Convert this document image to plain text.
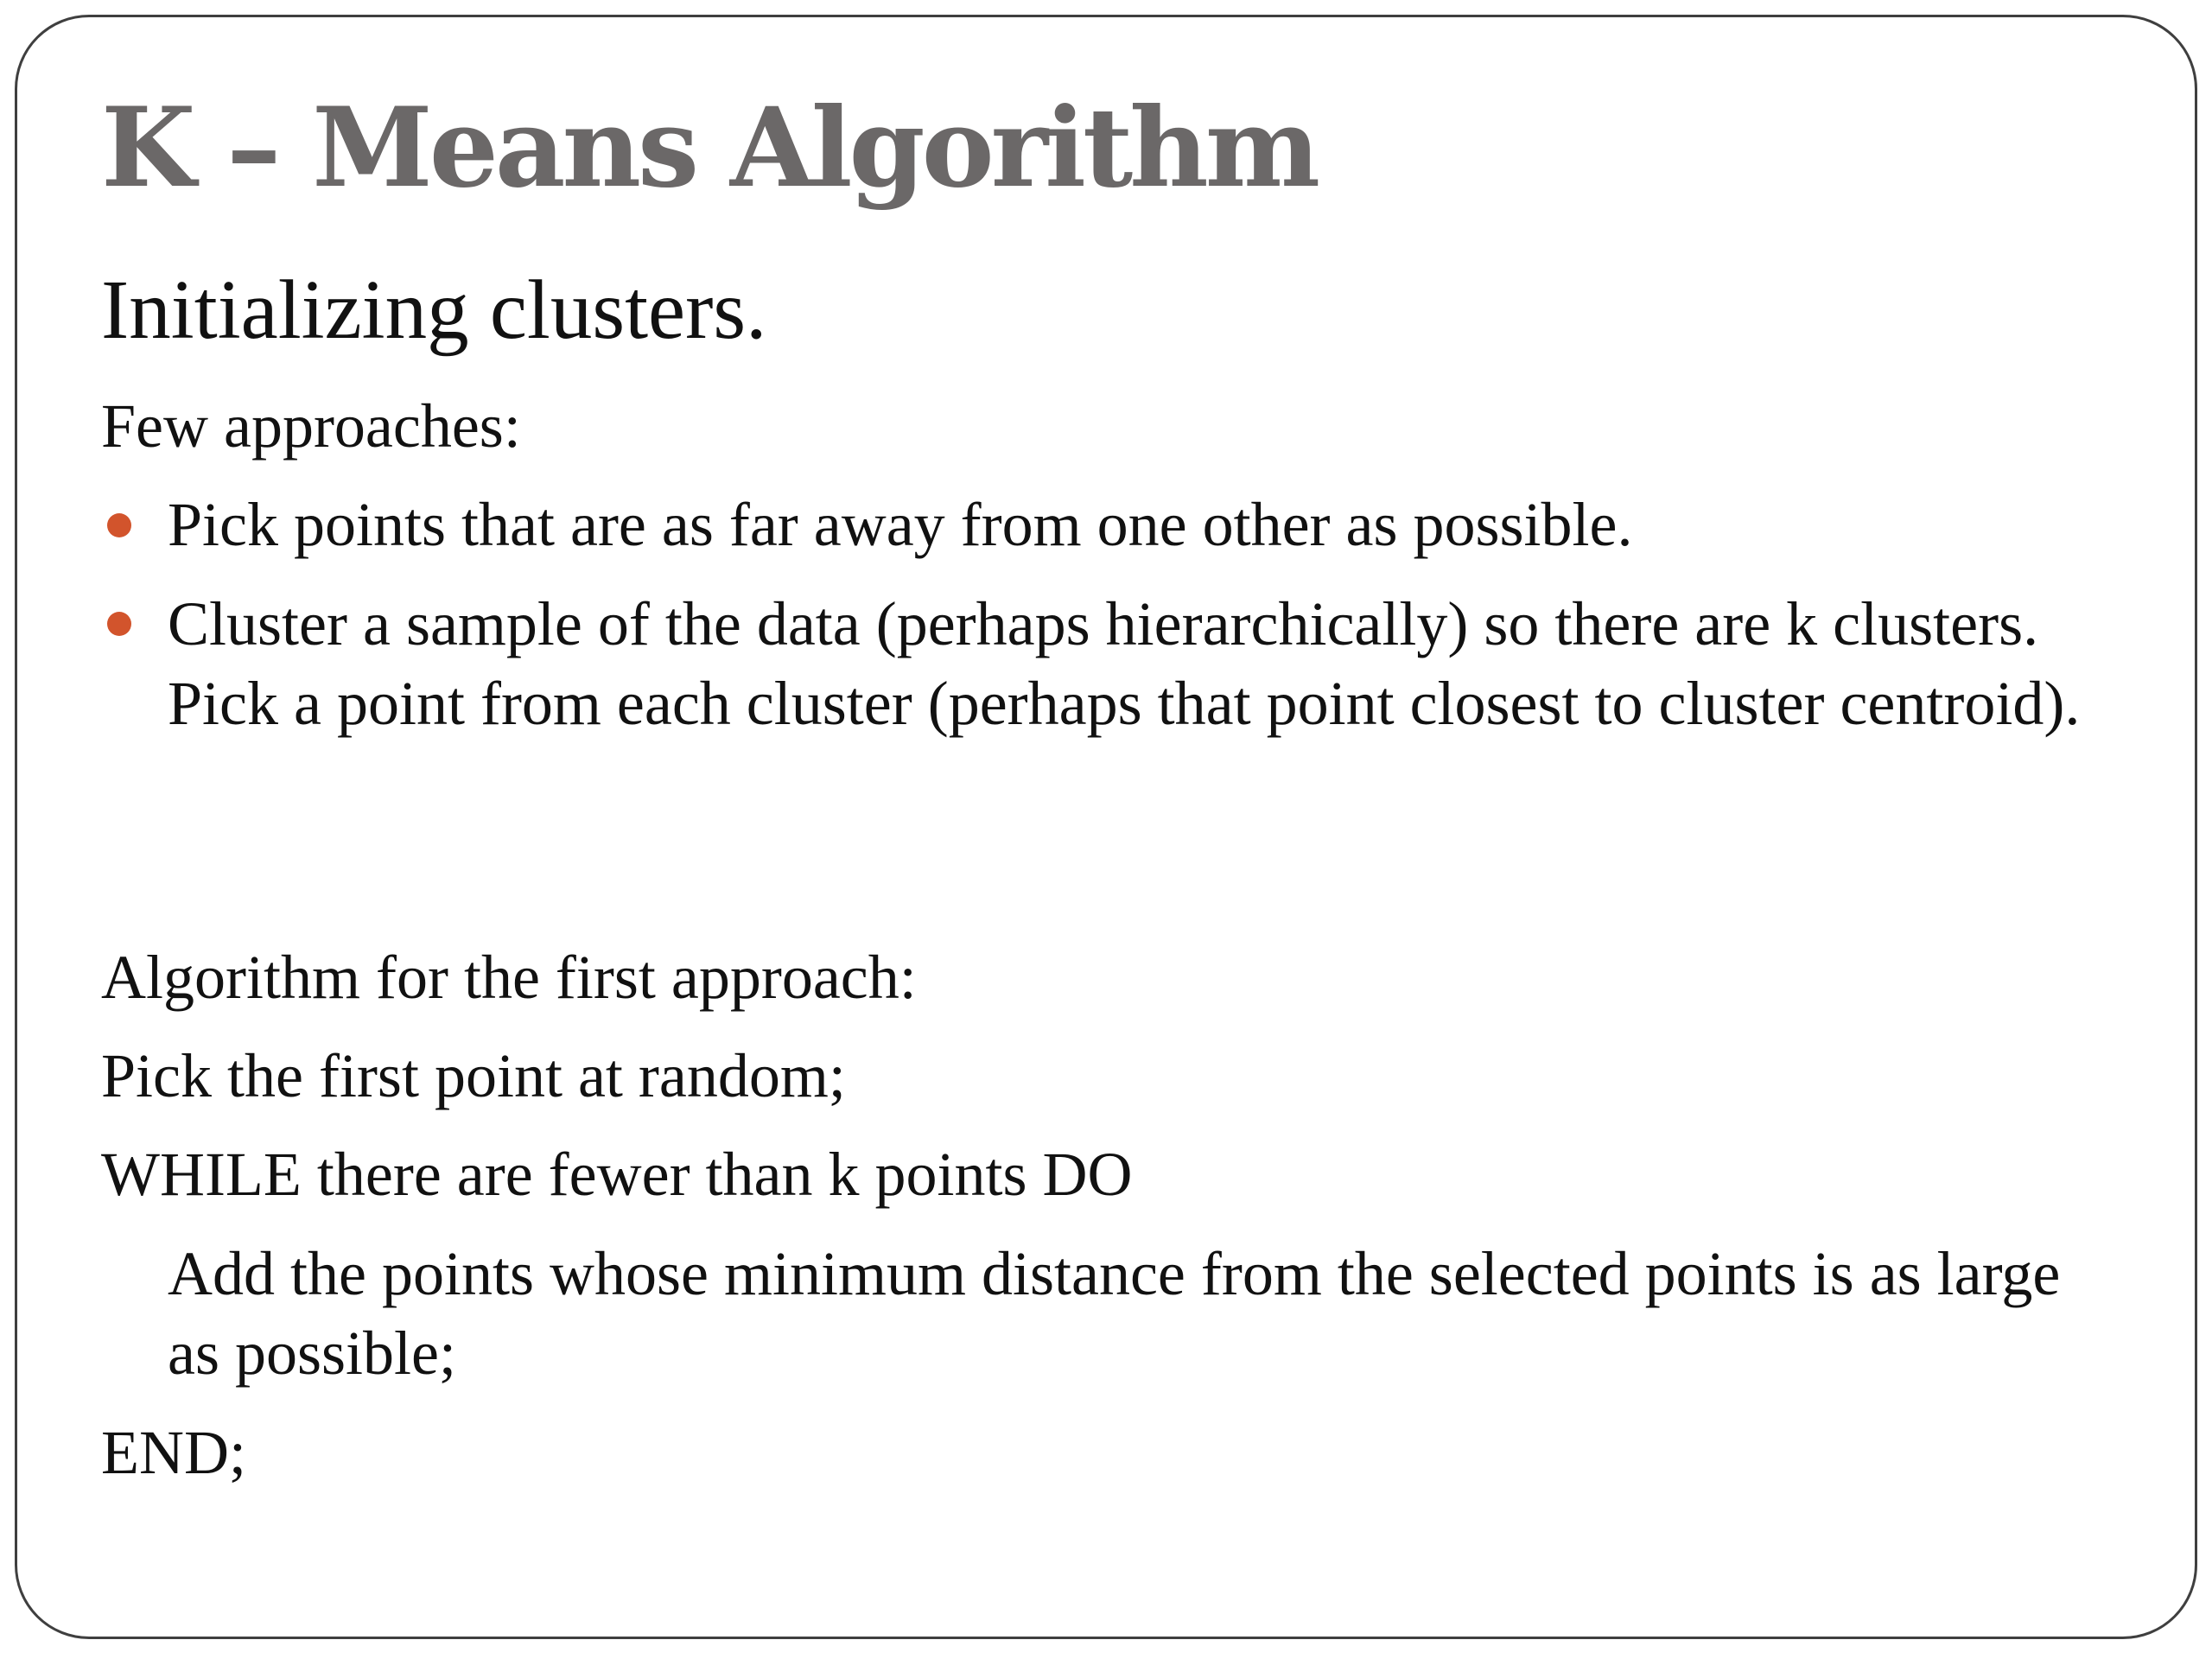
K – Means Algorithm

Initializing clusters.

Few approaches:

Pick points that are as far away from one other as possible.

Cluster a sample of the data (perhaps hierarchically) so there are k clusters. Pick a point from each cluster (perhaps that point closest to cluster centroid).

Algorithm for the first approach:

Pick the first point at random;

WHILE there are fewer than k points DO

Add the points whose minimum distance from the selected points is as large as possible;

END;
